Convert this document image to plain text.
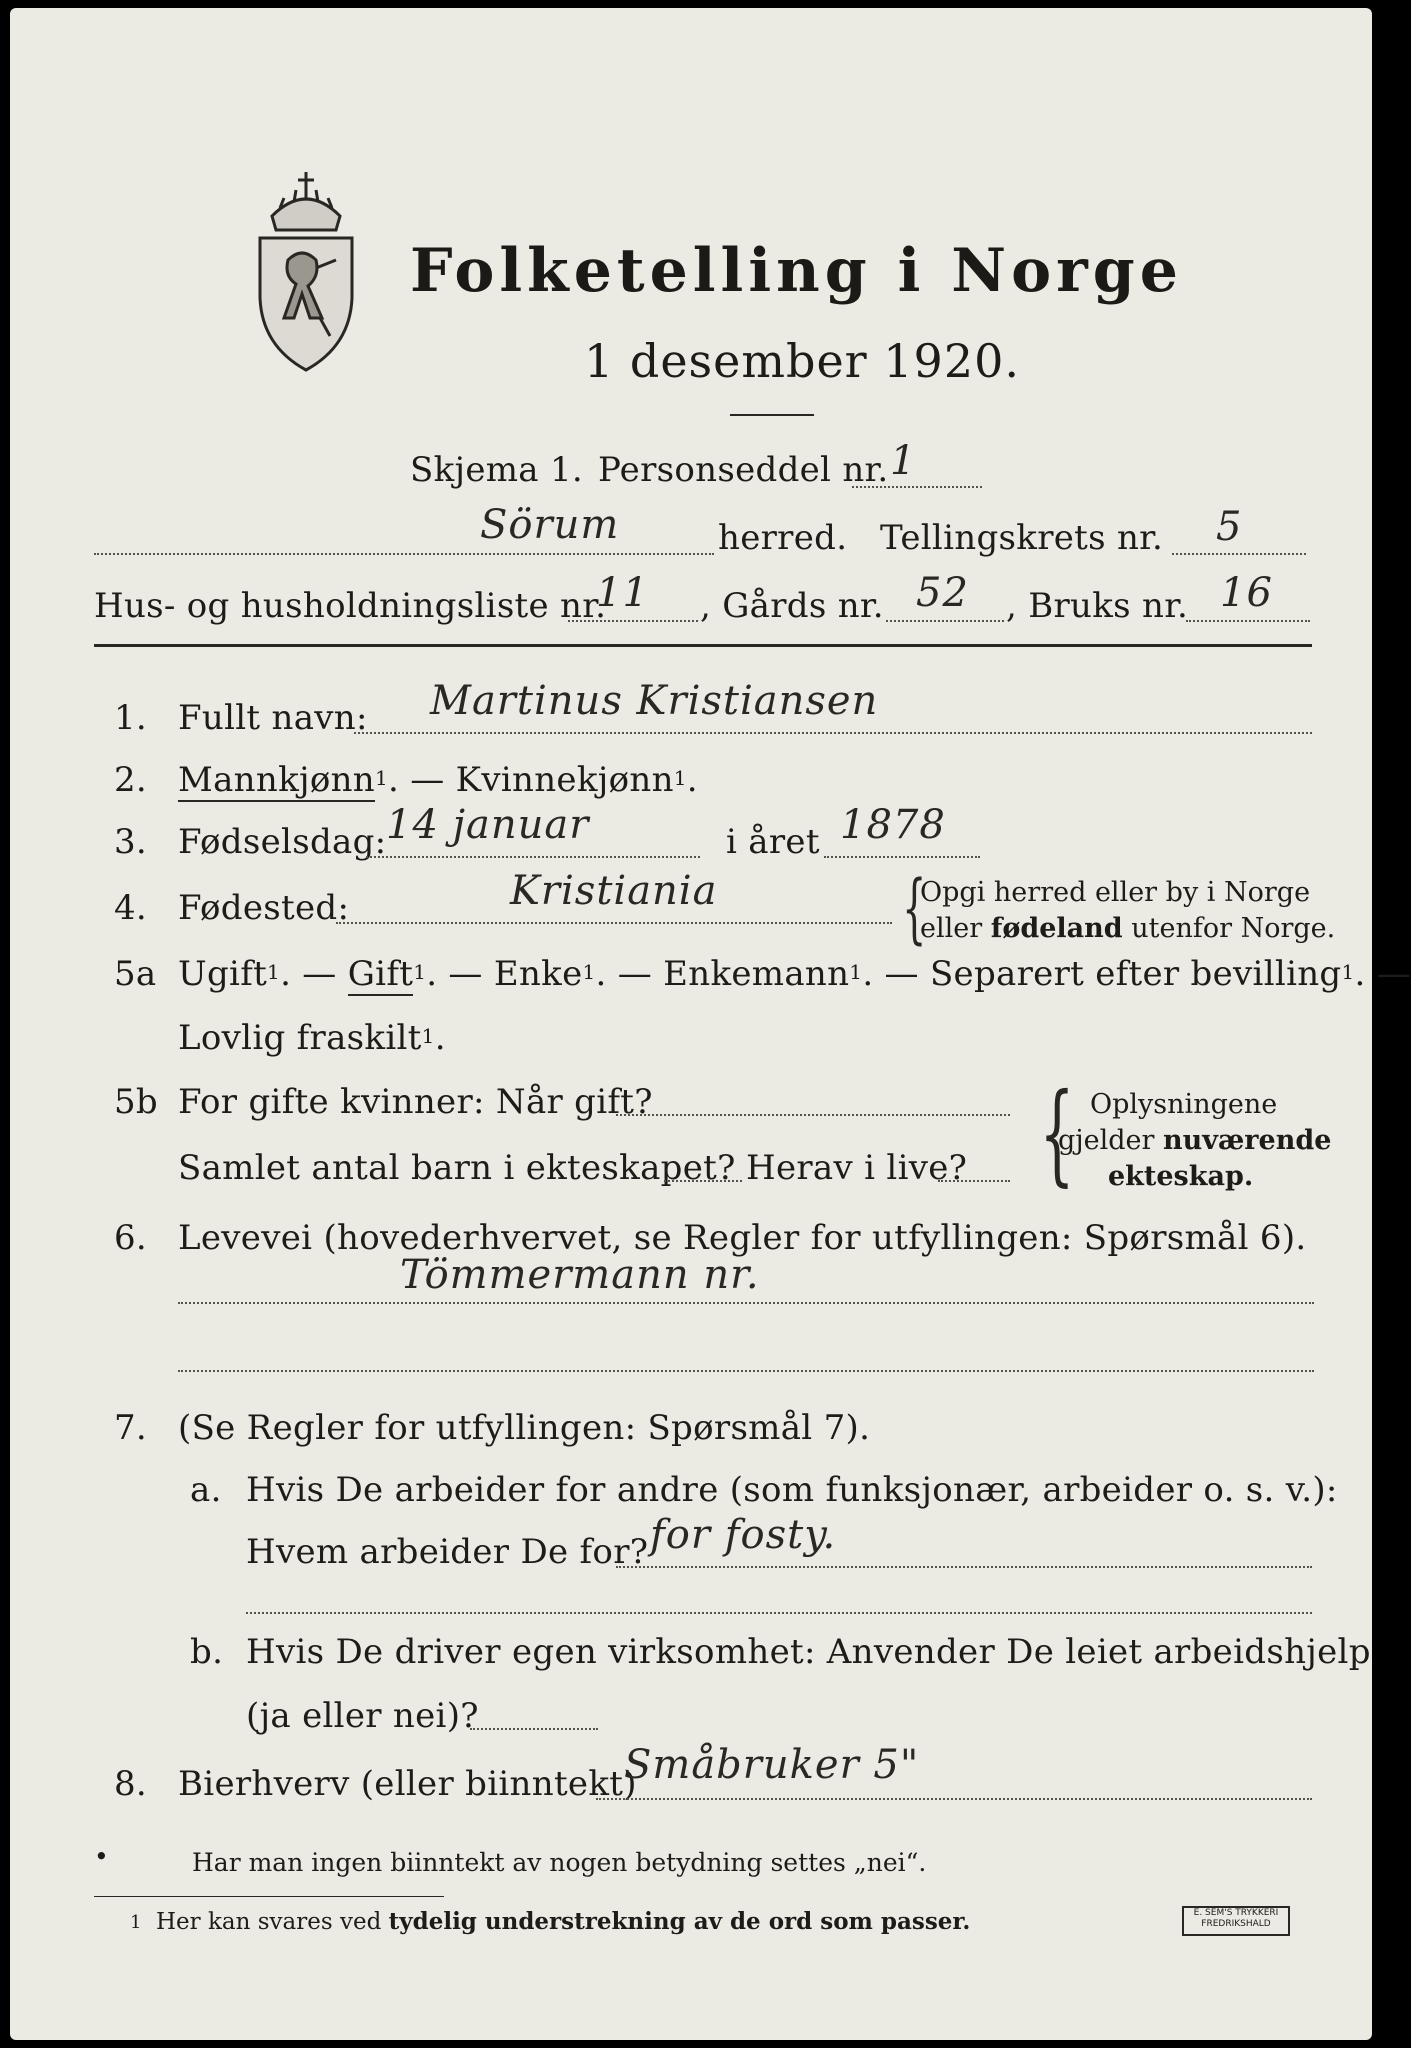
Folketelling i Norge
1 desember 1920.
Skjema 1. Personseddel nr. 1
Sörum	herred. Tellingskrets nr. 5
Hus- og husholdningsliste nr.
11 , Gårds nr. 52 , Bruks nr. 16
1. Fullt navn: Martinus Kristiansen
2. Mannkjønn$^1$. — Kvinnekjønn$^1$.
3. Fødselsdag: 14 januar	i året 1878
4. Fødested:	Kristiania {
Opgi herred eller by i Norge
eller fødeland utenfor Norge.
5a Ugift$^1$. — Gift$^1$. — Enke$^1$. — Enkemann$^1$. — Separert efter bevilling$^1$. —
Lovlig fraskilt$^1$.
5b For gifte kvinner: Når gift?
Samlet antal barn i ekteskapet? Herav i live? { Oplysningene
gjelder nuværende
ekteskap.
6. Levevei (hovederhvervet, se Regler for utfyllingen: Spørsmål 6).
Tömmermann nr.
7. (Se Regler for utfyllingen: Spørsmål 7).
a. Hvis De arbeider for andre (som funksjonær, arbeider o. s. v.):
Hvem arbeider De for? for fosty.
b. Hvis De driver egen virksomhet: Anvender De leiet arbeidshjelp
(ja eller nei)?
8. Bierhverv (eller biinntekt)
Småbruker 5"
•	Har man ingen biinntekt av nogen betydning settes „nei“.
1 Her kan svares ved tydelig understrekning av de ord som passer.	E. SEM'S TRYKKERI FREDRIKSHALD
